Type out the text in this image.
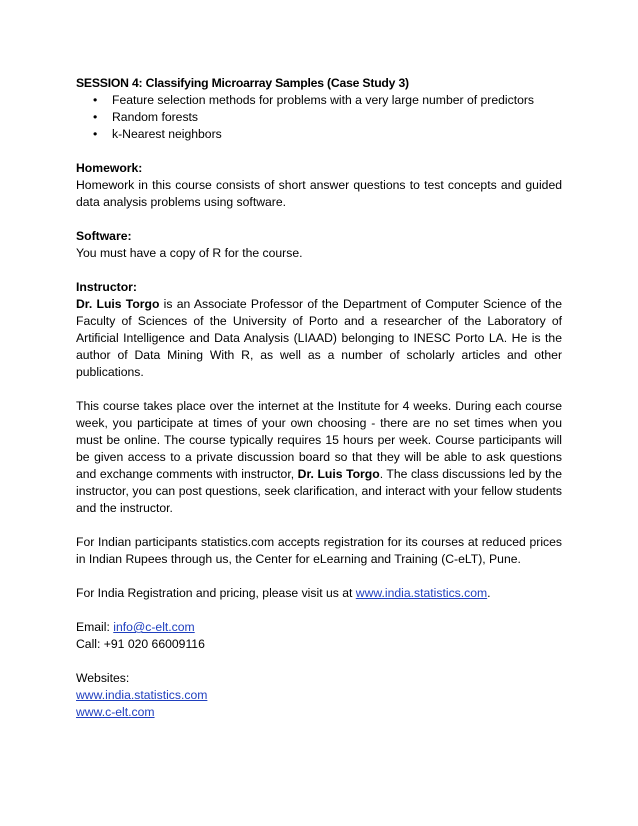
SESSION 4: Classifying Microarray Samples (Case Study 3)
• Feature selection methods for problems with a very large number of predictors
• Random forests
• k-Nearest neighbors

Homework:
Homework in this course consists of short answer questions to test concepts and guided data analysis problems using software.

Software:
You must have a copy of R for the course.

Instructor:
Dr. Luis Torgo is an Associate Professor of the Department of Computer Science of the Faculty of Sciences of the University of Porto and a researcher of the Laboratory of Artificial Intelligence and Data Analysis (LIAAD) belonging to INESC Porto LA. He is the author of Data Mining With R, as well as a number of scholarly articles and other publications.

This course takes place over the internet at the Institute for 4 weeks. During each course week, you participate at times of your own choosing - there are no set times when you must be online. The course typically requires 15 hours per week. Course participants will be given access to a private discussion board so that they will be able to ask questions and exchange comments with instructor, Dr. Luis Torgo. The class discussions led by the instructor, you can post questions, seek clarification, and interact with your fellow students and the instructor.

For Indian participants statistics.com accepts registration for its courses at reduced prices in Indian Rupees through us, the Center for eLearning and Training (C-eLT), Pune.

For India Registration and pricing, please visit us at www.india.statistics.com.

Email: info@c-elt.com
Call: +91 020 66009116

Websites:
www.india.statistics.com
www.c-elt.com
